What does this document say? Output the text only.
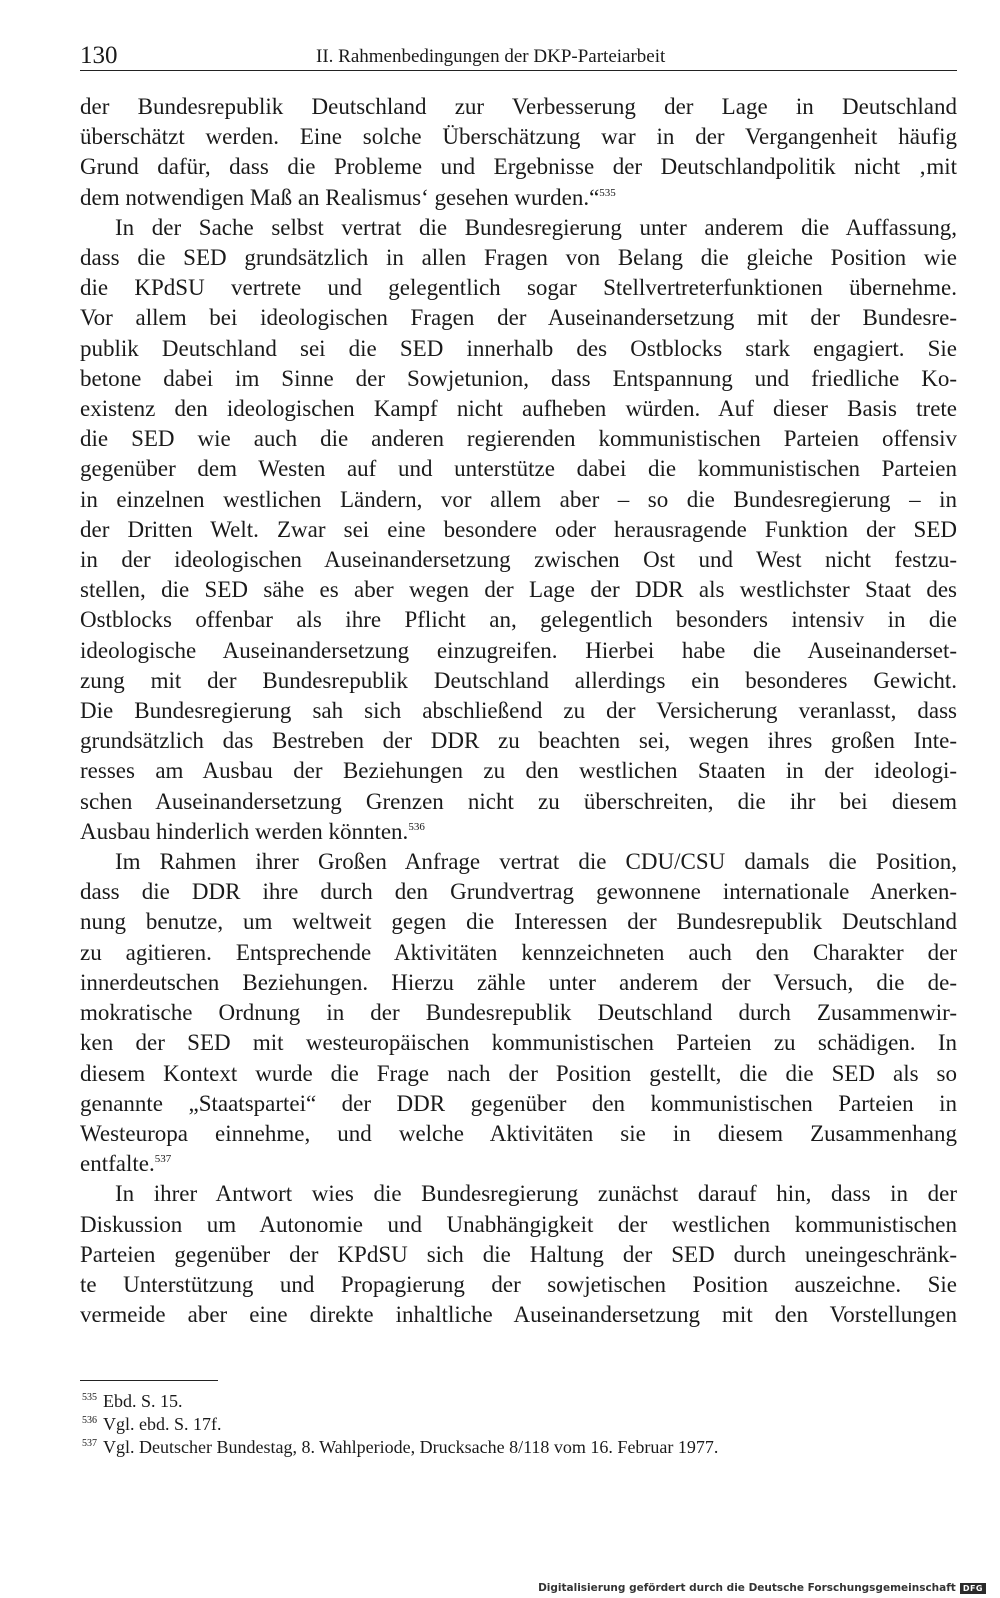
130	II. Rahmenbedingungen der DKP-Parteiarbeit

der Bundesrepublik Deutschland zur Verbesserung der Lage in Deutschland

überschätzt werden. Eine solche Überschätzung war in der Vergangenheit häufig

Grund dafür, dass die Probleme und Ergebnisse der Deutschlandpolitik nicht ‚mit

dem notwendigen Maß an Realismus‘ gesehen wurden.“$^{535}$

In der Sache selbst vertrat die Bundesregierung unter anderem die Auffassung,

dass die SED grundsätzlich in allen Fragen von Belang die gleiche Position wie

die KPdSU vertrete und gelegentlich sogar Stellvertreterfunktionen übernehme.

Vor allem bei ideologischen Fragen der Auseinandersetzung mit der Bundesre-

publik Deutschland sei die SED innerhalb des Ostblocks stark engagiert. Sie

betone dabei im Sinne der Sowjetunion, dass Entspannung und friedliche Ko-

existenz den ideologischen Kampf nicht aufheben würden. Auf dieser Basis trete

die SED wie auch die anderen regierenden kommunistischen Parteien offensiv

gegenüber dem Westen auf und unterstütze dabei die kommunistischen Parteien

in einzelnen westlichen Ländern, vor allem aber – so die Bundesregierung – in

der Dritten Welt. Zwar sei eine besondere oder herausragende Funktion der SED

in der ideologischen Auseinandersetzung zwischen Ost und West nicht festzu-

stellen, die SED sähe es aber wegen der Lage der DDR als westlichster Staat des

Ostblocks offenbar als ihre Pflicht an, gelegentlich besonders intensiv in die

ideologische Auseinandersetzung einzugreifen. Hierbei habe die Auseinanderset-

zung mit der Bundesrepublik Deutschland allerdings ein besonderes Gewicht.

Die Bundesregierung sah sich abschließend zu der Versicherung veranlasst, dass

grundsätzlich das Bestreben der DDR zu beachten sei, wegen ihres großen Inte-

resses am Ausbau der Beziehungen zu den westlichen Staaten in der ideologi-

schen Auseinandersetzung Grenzen nicht zu überschreiten, die ihr bei diesem

Ausbau hinderlich werden könnten.$^{536}$

Im Rahmen ihrer Großen Anfrage vertrat die CDU/CSU damals die Position,

dass die DDR ihre durch den Grundvertrag gewonnene internationale Anerken-

nung benutze, um weltweit gegen die Interessen der Bundesrepublik Deutschland

zu agitieren. Entsprechende Aktivitäten kennzeichneten auch den Charakter der

innerdeutschen Beziehungen. Hierzu zähle unter anderem der Versuch, die de-

mokratische Ordnung in der Bundesrepublik Deutschland durch Zusammenwir-

ken der SED mit westeuropäischen kommunistischen Parteien zu schädigen. In

diesem Kontext wurde die Frage nach der Position gestellt, die die SED als so

genannte „Staatspartei“ der DDR gegenüber den kommunistischen Parteien in

Westeuropa einnehme, und welche Aktivitäten sie in diesem Zusammenhang

entfalte.$^{537}$

In ihrer Antwort wies die Bundesregierung zunächst darauf hin, dass in der

Diskussion um Autonomie und Unabhängigkeit der westlichen kommunistischen

Parteien gegenüber der KPdSU sich die Haltung der SED durch uneingeschränk-

te Unterstützung und Propagierung der sowjetischen Position auszeichne. Sie

vermeide aber eine direkte inhaltliche Auseinandersetzung mit den Vorstellungen

$^{535}$ Ebd. S. 15.
$^{536}$ Vgl. ebd. S. 17f.
$^{537}$ Vgl. Deutscher Bundestag, 8. Wahlperiode, Drucksache 8/118 vom 16. Februar 1977.
Digitalisierung gefördert durch die Deutsche Forschungsgemeinschaft DFG
